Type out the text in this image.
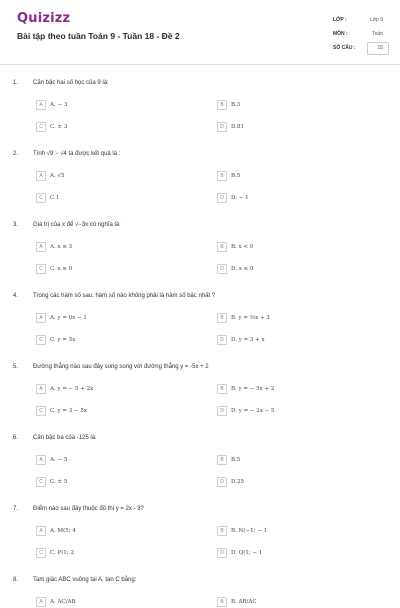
Quizizz
Bài tập theo tuần Toán 9 - Tuần 18 - Đề 2
LỚP :	Lớp 9
MÔN :	Toán
SỐ CÂU :	15
1. Căn bậc hai số học của 9 là:
A	A. − 3	B	B.3
C	C. ± 3	D	D.81
2. Tính √9 − √4 ta được kết quả là :
A	A. √5	B	B.5
C	C.1	D	D. − 1
3. Giá trị của x để √−3x có nghĩa là:
A	A. x ≥ 3	B	B. x < 0
C	C. x ≥ 0	D	D. x ≤ 0
4. Trong các hàm số sau, hàm số nào không phải là hàm số bậc nhất ?
A	A. y = 0x − 1	B	B. y = ⅔x + 3
C	C. y = 5x	D	D. y = 3 + x
5. Đường thẳng nào sau đây song song với đường thẳng y = -5x + 2
A	A. y = − 5 + 2x	B	B. y = − 5x + 2
C	C. y = 3 − 5x	D	D. y = − 2x − 5
6. Căn bậc ba của -125 là:
A	A. − 5	B	B.5
C	C. ± 5	D	D.25
7. Điểm nào sau đây thuộc đồ thị y = 2x - 3?
A	A. M(5; 4	B	B. N(−1; − 1
C	C. P(1; 2	D	D. Q(1; − 1
8. Tam giác ABC vuông tại A, tan C bằng:
A	A. AC/AB	B	B. AB/AC
